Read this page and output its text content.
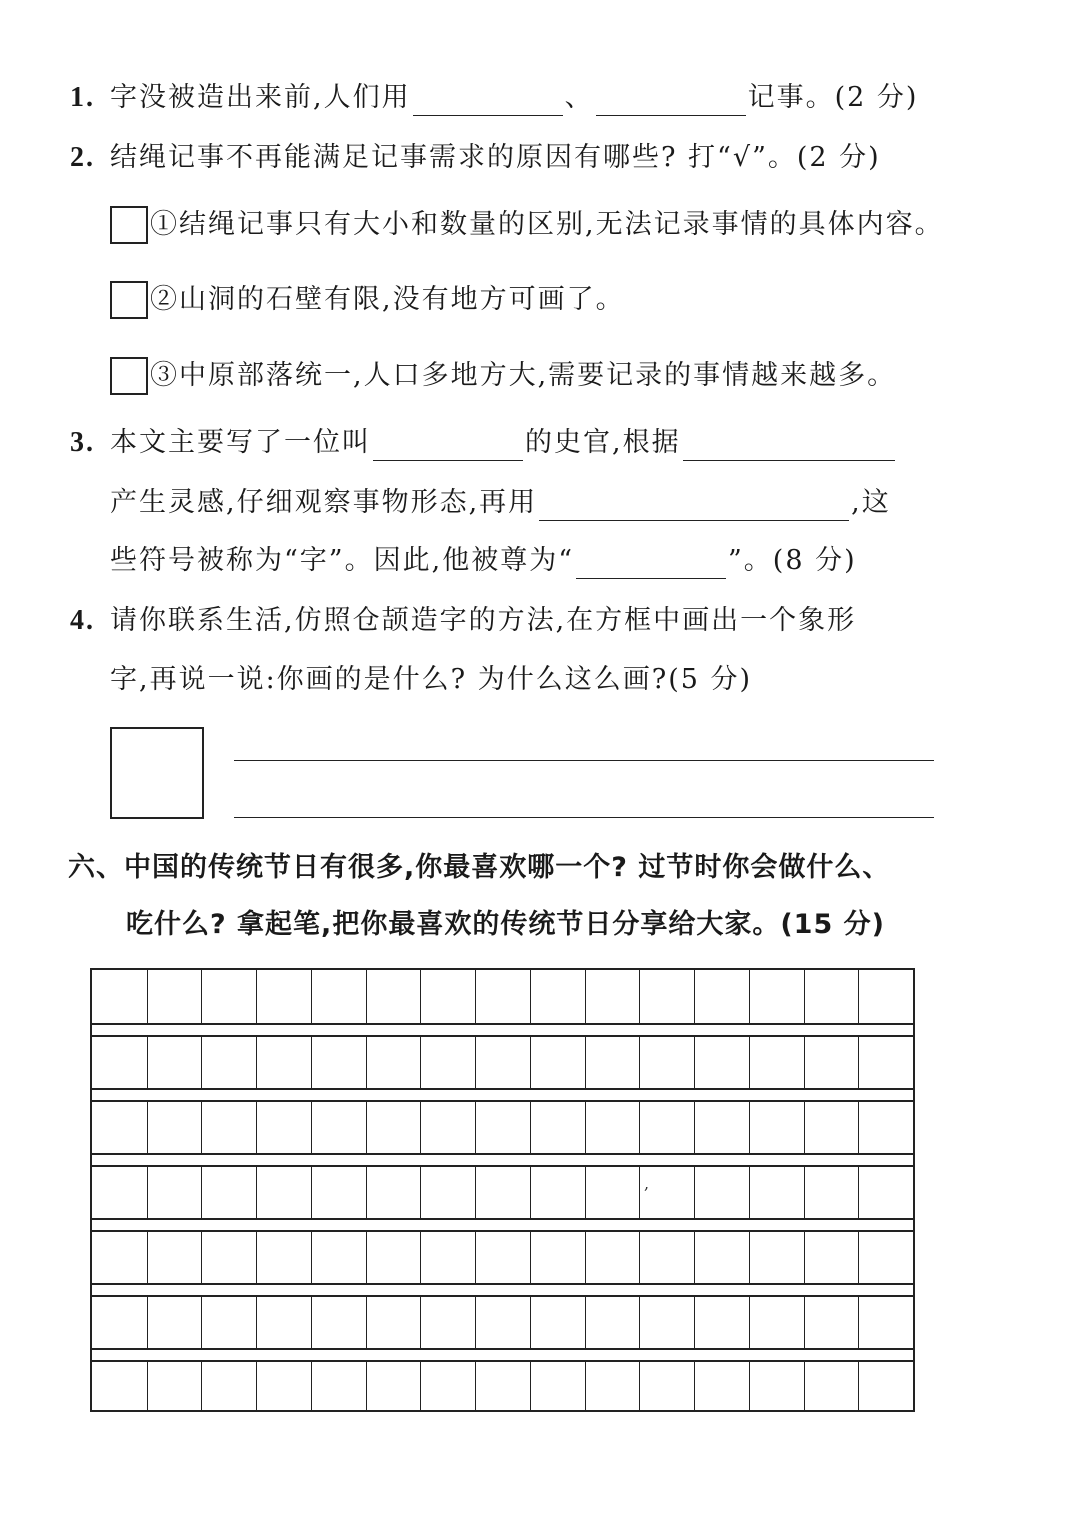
1. 字没被造出来前,人们用	、	记事。(2 分)
2. 结绳记事不再能满足记事需求的原因有哪些? 打“√”。(2 分)
①结绳记事只有大小和数量的区别,无法记录事情的具体内容。
②山洞的石壁有限,没有地方可画了。
③中原部落统一,人口多地方大,需要记录的事情越来越多。
3. 本文主要写了一位叫	的史官,根据
产生灵感,仔细观察事物形态,再用	,这
些符号被称为“字”。因此,他被尊为“	”。(8 分)
4. 请你联系生活,仿照仓颉造字的方法,在方框中画出一个象形
字,再说一说:你画的是什么? 为什么这么画?(5 分)
六、中国的传统节日有很多,你最喜欢哪一个? 过节时你会做什么、
吃什么? 拿起笔,把你最喜欢的传统节日分享给大家。(15 分)
,
